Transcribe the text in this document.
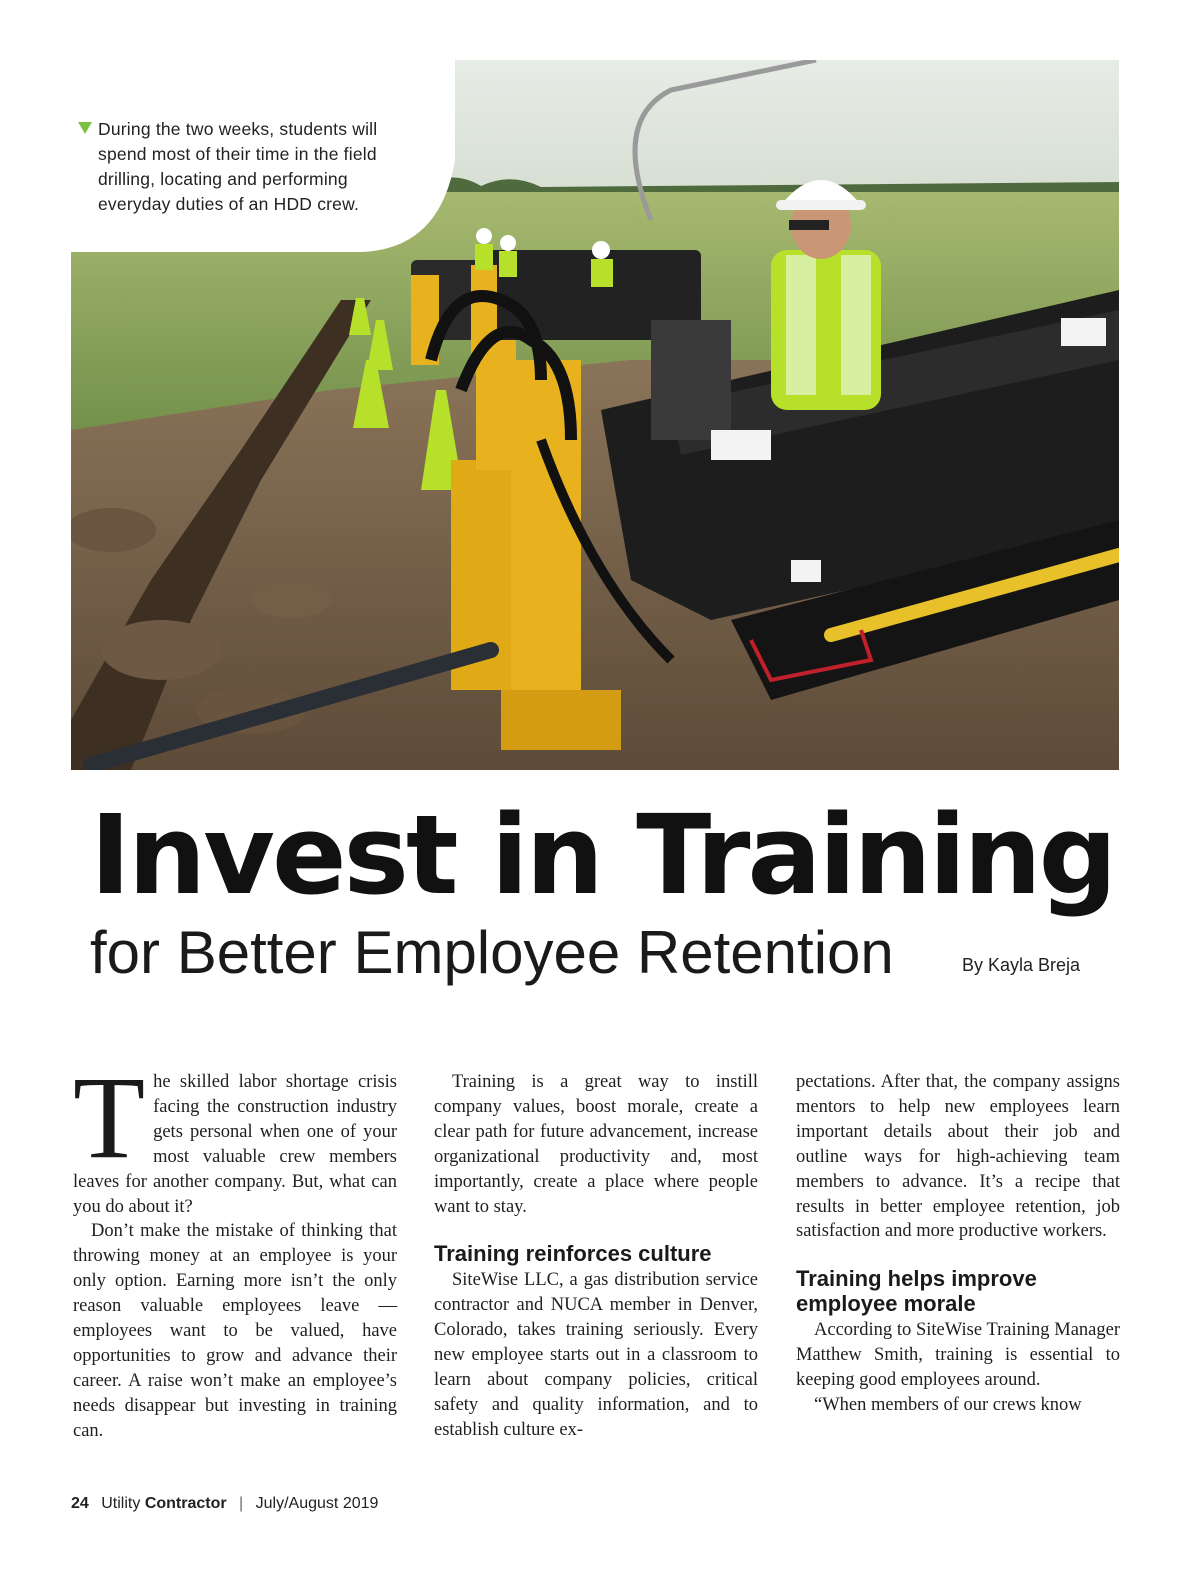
During the two weeks, students will spend most of their time in the field drilling, locating and performing everyday duties of an HDD crew.
Invest in Training
for Better Employee Retention	By Kayla Breja

The skilled labor shortage crisis facing the construction industry gets personal when one of your most valuable crew members leaves for another company. But, what can you do about it?

Don’t make the mistake of thinking that throwing money at an employee is your only option. Earning more isn’t the only reason valuable employees leave — employees want to be valued, have opportunities to grow and advance their career. A raise won’t make an employee’s needs disappear but investing in training can.

Training is a great way to instill company values, boost morale, create a clear path for future advancement, increase organizational productivity and, most importantly, create a place where people want to stay.

Training reinforces culture

SiteWise LLC, a gas distribution service contractor and NUCA member in Denver, Colorado, takes training seriously. Every new employee starts out in a classroom to learn about company policies, critical safety and quality information, and to establish culture ex-

pectations. After that, the company assigns mentors to help new employees learn important details about their job and outline ways for high-achieving team members to advance. It’s a recipe that results in better employee retention, job satisfaction and more productive workers.

Training helps improve employee morale

According to SiteWise Training Manager Matthew Smith, training is essential to keeping good employees around.

“When members of our crews know

24 Utility Contractor | July/August 2019
